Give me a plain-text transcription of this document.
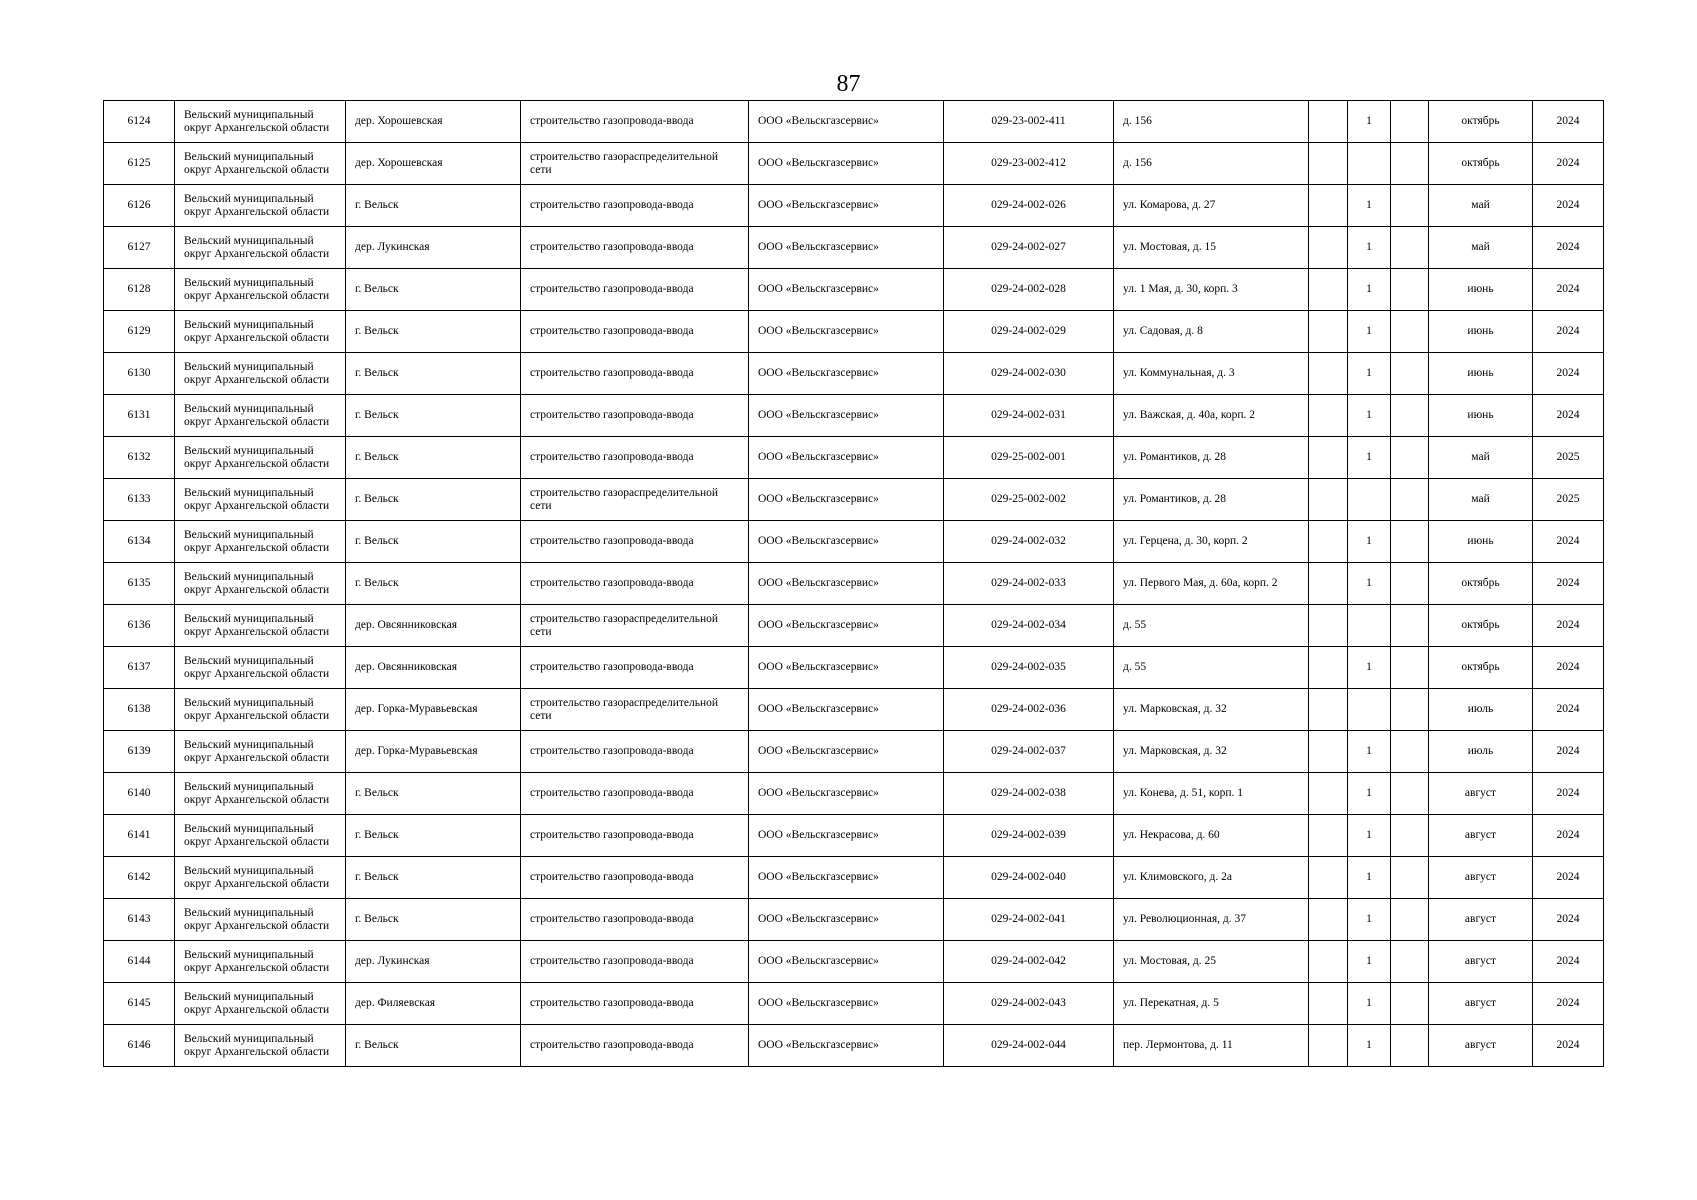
87
6124	Вельский муниципальный округ Архангельской области	дер. Хорошевская	строительство газопровода-ввода	ООО «Вельскгазсервис»	029-23-002-411	д. 156		1		октябрь	2024
6125	Вельский муниципальный округ Архангельской области	дер. Хорошевская	строительство газораспределительной сети	ООО «Вельскгазсервис»	029-23-002-412	д. 156				октябрь	2024
6126	Вельский муниципальный округ Архангельской области	г. Вельск	строительство газопровода-ввода	ООО «Вельскгазсервис»	029-24-002-026	ул. Комарова, д. 27		1		май	2024
6127	Вельский муниципальный округ Архангельской области	дер. Лукинская	строительство газопровода-ввода	ООО «Вельскгазсервис»	029-24-002-027	ул. Мостовая, д. 15		1		май	2024
6128	Вельский муниципальный округ Архангельской области	г. Вельск	строительство газопровода-ввода	ООО «Вельскгазсервис»	029-24-002-028	ул. 1 Мая, д. 30, корп. 3		1		июнь	2024
6129	Вельский муниципальный округ Архангельской области	г. Вельск	строительство газопровода-ввода	ООО «Вельскгазсервис»	029-24-002-029	ул. Садовая, д. 8		1		июнь	2024
6130	Вельский муниципальный округ Архангельской области	г. Вельск	строительство газопровода-ввода	ООО «Вельскгазсервис»	029-24-002-030	ул. Коммунальная, д. 3		1		июнь	2024
6131	Вельский муниципальный округ Архангельской области	г. Вельск	строительство газопровода-ввода	ООО «Вельскгазсервис»	029-24-002-031	ул. Важская, д. 40а, корп. 2		1		июнь	2024
6132	Вельский муниципальный округ Архангельской области	г. Вельск	строительство газопровода-ввода	ООО «Вельскгазсервис»	029-25-002-001	ул. Романтиков, д. 28		1		май	2025
6133	Вельский муниципальный округ Архангельской области	г. Вельск	строительство газораспределительной сети	ООО «Вельскгазсервис»	029-25-002-002	ул. Романтиков, д. 28				май	2025
6134	Вельский муниципальный округ Архангельской области	г. Вельск	строительство газопровода-ввода	ООО «Вельскгазсервис»	029-24-002-032	ул. Герцена, д. 30, корп. 2		1		июнь	2024
6135	Вельский муниципальный округ Архангельской области	г. Вельск	строительство газопровода-ввода	ООО «Вельскгазсервис»	029-24-002-033	ул. Первого Мая, д. 60а, корп. 2		1		октябрь	2024
6136	Вельский муниципальный округ Архангельской области	дер. Овсянниковская	строительство газораспределительной сети	ООО «Вельскгазсервис»	029-24-002-034	д. 55				октябрь	2024
6137	Вельский муниципальный округ Архангельской области	дер. Овсянниковская	строительство газопровода-ввода	ООО «Вельскгазсервис»	029-24-002-035	д. 55		1		октябрь	2024
6138	Вельский муниципальный округ Архангельской области	дер. Горка-Муравьевская	строительство газораспределительной сети	ООО «Вельскгазсервис»	029-24-002-036	ул. Марковская, д. 32				июль	2024
6139	Вельский муниципальный округ Архангельской области	дер. Горка-Муравьевская	строительство газопровода-ввода	ООО «Вельскгазсервис»	029-24-002-037	ул. Марковская, д. 32		1		июль	2024
6140	Вельский муниципальный округ Архангельской области	г. Вельск	строительство газопровода-ввода	ООО «Вельскгазсервис»	029-24-002-038	ул. Конева, д. 51, корп. 1		1		август	2024
6141	Вельский муниципальный округ Архангельской области	г. Вельск	строительство газопровода-ввода	ООО «Вельскгазсервис»	029-24-002-039	ул. Некрасова, д. 60		1		август	2024
6142	Вельский муниципальный округ Архангельской области	г. Вельск	строительство газопровода-ввода	ООО «Вельскгазсервис»	029-24-002-040	ул. Климовского, д. 2а		1		август	2024
6143	Вельский муниципальный округ Архангельской области	г. Вельск	строительство газопровода-ввода	ООО «Вельскгазсервис»	029-24-002-041	ул. Революционная, д. 37		1		август	2024
6144	Вельский муниципальный округ Архангельской области	дер. Лукинская	строительство газопровода-ввода	ООО «Вельскгазсервис»	029-24-002-042	ул. Мостовая, д. 25		1		август	2024
6145	Вельский муниципальный округ Архангельской области	дер. Филяевская	строительство газопровода-ввода	ООО «Вельскгазсервис»	029-24-002-043	ул. Перекатная, д. 5		1		август	2024
6146	Вельский муниципальный округ Архангельской области	г. Вельск	строительство газопровода-ввода	ООО «Вельскгазсервис»	029-24-002-044	пер. Лермонтова, д. 11		1		август	2024
